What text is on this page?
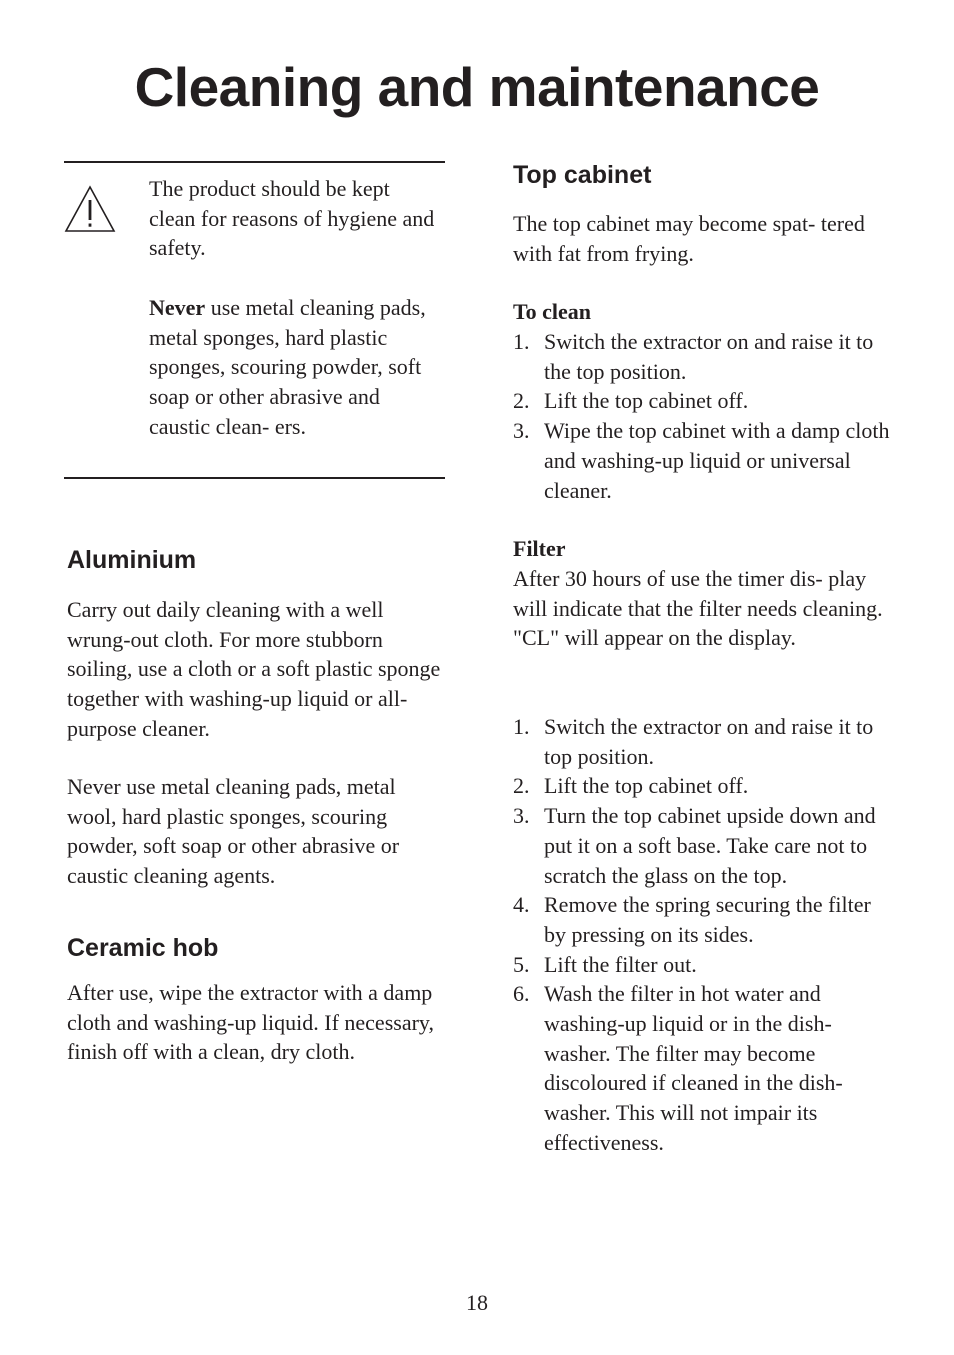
Cleaning and maintenance

The product should be kept clean for reasons of hygiene and safety.

Never use metal cleaning pads, metal sponges, hard plastic sponges, scouring powder, soft soap or other abrasive and caustic clean- ers.

Aluminium

Carry out daily cleaning with a well wrung-out cloth. For more stubborn soiling, use a cloth or a soft plastic sponge together with washing-up liquid or all-purpose cleaner.

Never use metal cleaning pads, metal wool, hard plastic sponges, scouring powder, soft soap or other abrasive or caustic cleaning agents.

Ceramic hob

After use, wipe the extractor with a damp cloth and washing-up liquid. If necessary, finish off with a clean, dry cloth.

Top cabinet

The top cabinet may become spat- tered with fat from frying.

To clean

1. Switch the extractor on and raise it to the top position.
2. Lift the top cabinet off.
3. Wipe the top cabinet with a damp cloth and washing-up liquid or universal cleaner.

Filter

After 30 hours of use the timer dis- play will indicate that the filter needs cleaning. "CL" will appear on the display.

1. Switch the extractor on and raise it to top position.
2. Lift the top cabinet off.
3. Turn the top cabinet upside down and put it on a soft base. Take care not to scratch the glass on the top.
4. Remove the spring securing the filter by pressing on its sides.
5. Lift the filter out.
6. Wash the filter in hot water and washing-up liquid or in the dish- washer. The filter may become discoloured if cleaned in the dish- washer. This will not impair its effectiveness.
18
